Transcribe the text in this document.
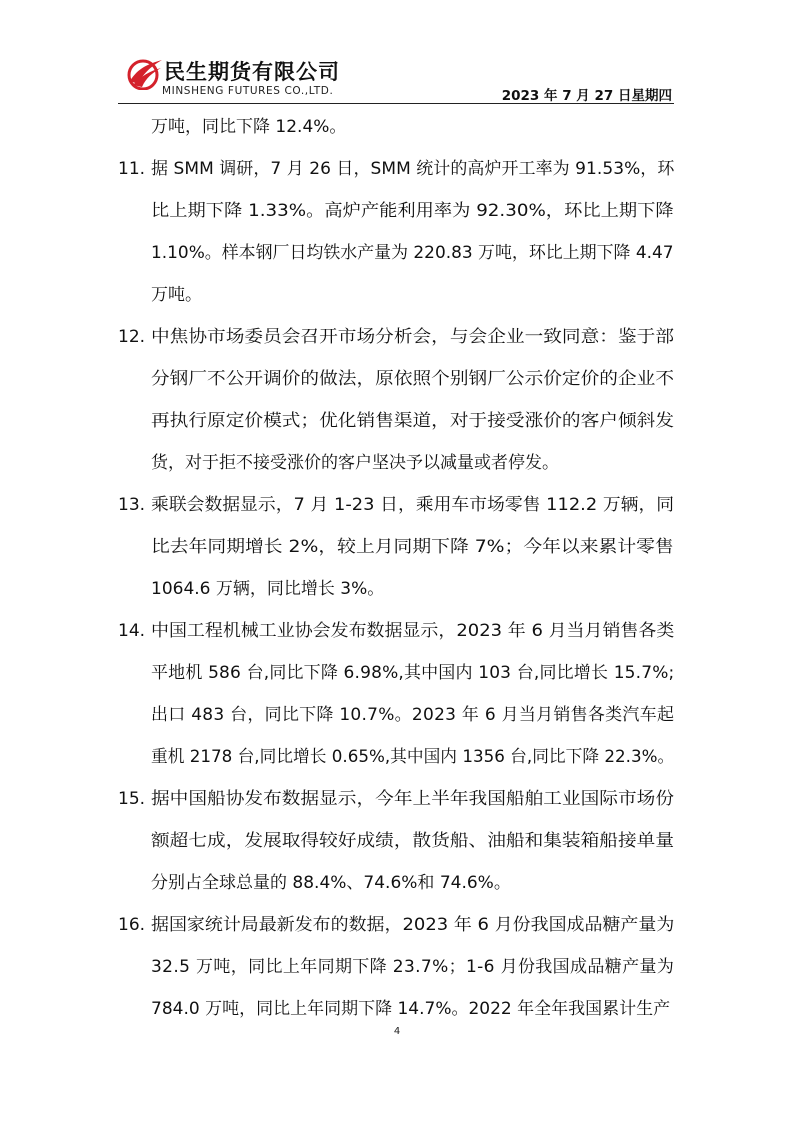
民生期货有限公司
MINSHENG FUTURES CO.,LTD.	2023 年 7 月 27 日星期四
万吨，同比下降 12.4%。
11. 据 SMM 调研，7 月 26 日，SMM 统计的高炉开工率为 91.53%，环
比上期下降 1.33%。高炉产能利用率为 92.30%，环比上期下降
1.10%。样本钢厂日均铁水产量为 220.83 万吨，环比上期下降 4.47
万吨。
12. 中焦协市场委员会召开市场分析会，与会企业一致同意：鉴于部
分钢厂不公开调价的做法，原依照个别钢厂公示价定价的企业不
再执行原定价模式；优化销售渠道，对于接受涨价的客户倾斜发
货，对于拒不接受涨价的客户坚决予以减量或者停发。
13. 乘联会数据显示，7 月 1-23 日，乘用车市场零售 112.2 万辆，同
比去年同期增长 2%，较上月同期下降 7%；今年以来累计零售
1064.6 万辆，同比增长 3%。
14. 中国工程机械工业协会发布数据显示，2023 年 6 月当月销售各类
平地机 586 台,同比下降 6.98%,其中国内 103 台,同比增长 15.7%;
出口 483 台，同比下降 10.7%。2023 年 6 月当月销售各类汽车起
重机 2178 台,同比增长 0.65%,其中国内 1356 台,同比下降 22.3%。
15. 据中国船协发布数据显示，今年上半年我国船舶工业国际市场份
额超七成，发展取得较好成绩，散货船、油船和集装箱船接单量
分别占全球总量的 88.4%、74.6%和 74.6%。
16. 据国家统计局最新发布的数据，2023 年 6 月份我国成品糖产量为
32.5 万吨，同比上年同期下降 23.7%；1-6 月份我国成品糖产量为
784.0 万吨，同比上年同期下降 14.7%。2022 年全年我国累计生产
4
